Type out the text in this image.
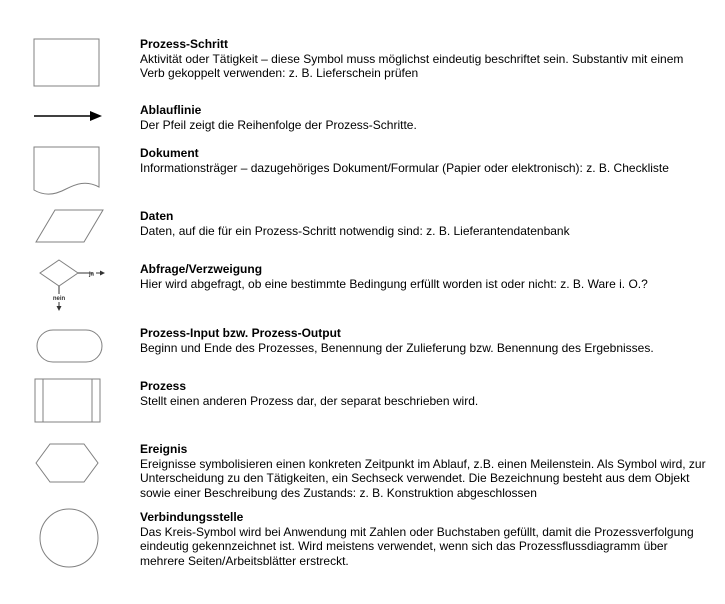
ja
nein
Prozess-Schritt
Aktivität oder Tätigkeit – diese Symbol muss möglichst eindeutig beschriftet sein. Substantiv mit einem Verb gekoppelt verwenden: z. B. Lieferschein prüfen
Ablauflinie
Der Pfeil zeigt die Reihenfolge der Prozess-Schritte.
Dokument
Informationsträger – dazugehöriges Dokument/Formular (Papier oder elektronisch): z. B. Checkliste
Daten
Daten, auf die für ein Prozess-Schritt notwendig sind: z. B. Lieferantendatenbank
Abfrage/Verzweigung
Hier wird abgefragt, ob eine bestimmte Bedingung erfüllt worden ist oder nicht: z. B. Ware i. O.?
Prozess-Input bzw. Prozess-Output
Beginn und Ende des Prozesses, Benennung der Zulieferung bzw. Benennung des Ergebnisses.
Prozess
Stellt einen anderen Prozess dar, der separat beschrieben wird.
Ereignis
Ereignisse symbolisieren einen konkreten Zeitpunkt im Ablauf, z.B. einen Meilenstein. Als Symbol wird, zur Unterscheidung zu den Tätigkeiten, ein Sechseck verwendet. Die Bezeichnung besteht aus dem Objekt sowie einer Beschreibung des Zustands: z. B. Konstruktion abgeschlossen
Verbindungsstelle
Das Kreis-Symbol wird bei Anwendung mit Zahlen oder Buchstaben gefüllt, damit die Prozessverfolgung eindeutig gekennzeichnet ist. Wird meistens verwendet, wenn sich das Prozessflussdiagramm über mehrere Seiten/Arbeitsblätter erstreckt.
